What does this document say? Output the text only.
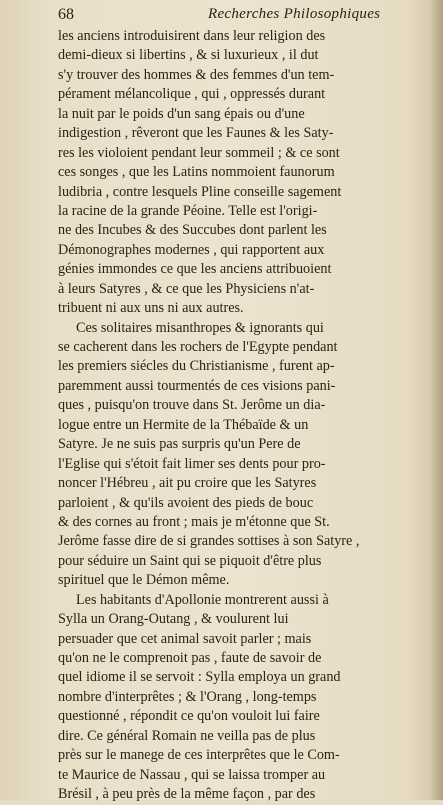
68	Recherches Philosophiques
les anciens introduisirent dans leur religion des
demi-dieux si libertins , & si luxurieux , il dut
s'y trouver des hommes & des femmes d'un tem-
pérament mélancolique , qui , oppressés durant
la nuit par le poids d'un sang épais ou d'une
indigestion , rêveront que les Faunes & les Saty-
res les violoient pendant leur sommeil ; & ce sont
ces songes , que les Latins nommoient faunorum
ludibria , contre lesquels Pline conseille sagement
la racine de la grande Péoine. Telle est l'origi-
ne des Incubes & des Succubes dont parlent les
Démonographes modernes , qui rapportent aux
génies immondes ce que les anciens attribuoient
à leurs Satyres , & ce que les Physiciens n'at-
tribuent ni aux uns ni aux autres.
Ces solitaires misanthropes & ignorants qui
se cacherent dans les rochers de l'Egypte pendant
les premiers siécles du Christianisme , furent ap-
paremment aussi tourmentés de ces visions pani-
ques , puisqu'on trouve dans St. Jerôme un dia-
logue entre un Hermite de la Thébaïde & un
Satyre. Je ne suis pas surpris qu'un Pere de
l'Eglise qui s'étoit fait limer ses dents pour pro-
noncer l'Hébreu , ait pu croire que les Satyres
parloient , & qu'ils avoient des pieds de bouc
& des cornes au front ; mais je m'étonne que St.
Jerôme fasse dire de si grandes sottises à son Satyre ,
pour séduire un Saint qui se piquoit d'être plus
spirituel que le Démon même.
Les habitants d'Apollonie montrerent aussi à
Sylla un Orang-Outang , & voulurent lui
persuader que cet animal savoit parler ; mais
qu'on ne le comprenoit pas , faute de savoir de
quel idiome il se servoit : Sylla employa un grand
nombre d'interprêtes ; & l'Orang , long-temps
questionné , répondit ce qu'on vouloit lui faire
dire. Ce général Romain ne veilla pas de plus
près sur le manege de ces interprêtes que le Com-
te Maurice de Nassau , qui se laissa tromper au
Brésil , à peu près de la même façon , par des
